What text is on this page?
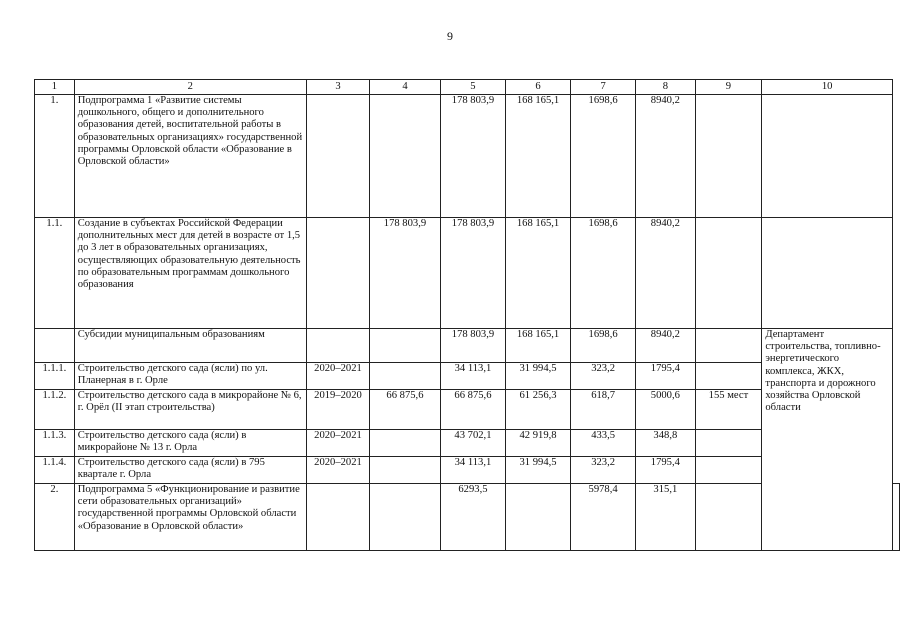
9
1	2	3	4	5	6	7	8	9	10	
1.	Подпрограмма 1 «Развитие системы дошкольного, общего и дополнительного образования детей, воспитательной работы в образовательных организациях» государственной программы Орловской области «Образование в Орловской области»			178 803,9	168 165,1	1698,6	8940,2			
1.1.	Создание в субъектах Российской Федерации дополнительных мест для детей в возрасте от 1,5 до 3 лет в образовательных организациях, осуществляющих образовательную деятельность по образовательным программам дошкольного образования		178 803,9	178 803,9	168 165,1	1698,6	8940,2			
	Субсидии муниципальным образованиям			178 803,9	168 165,1	1698,6	8940,2		Департамент строительства, топливно-энергетического комплекса, ЖКХ, транспорта и дорожного хозяйства Орловской области	
1.1.1.	Строительство детского сада (ясли) по ул. Планерная в г. Орле	2020–2021		34 113,1	31 994,5	323,2	1795,4			
1.1.2.	Строительство детского сада в микрорайоне № 6, г. Орёл (II этап строительства)	2019–2020	66 875,6	66 875,6	61 256,3	618,7	5000,6	155 мест		
1.1.3.	Строительство детского сада (ясли) в микрорайоне № 13 г. Орла	2020–2021		43 702,1	42 919,8	433,5	348,8			
1.1.4.	Строительство детского сада (ясли) в 795 квартале г. Орла	2020–2021		34 113,1	31 994,5	323,2	1795,4			
2.	Подпрограмма 5 «Функционирование и развитие сети образовательных организаций» государственной программы Орловской области «Образование в Орловской области»			6293,5		5978,4	315,1			
